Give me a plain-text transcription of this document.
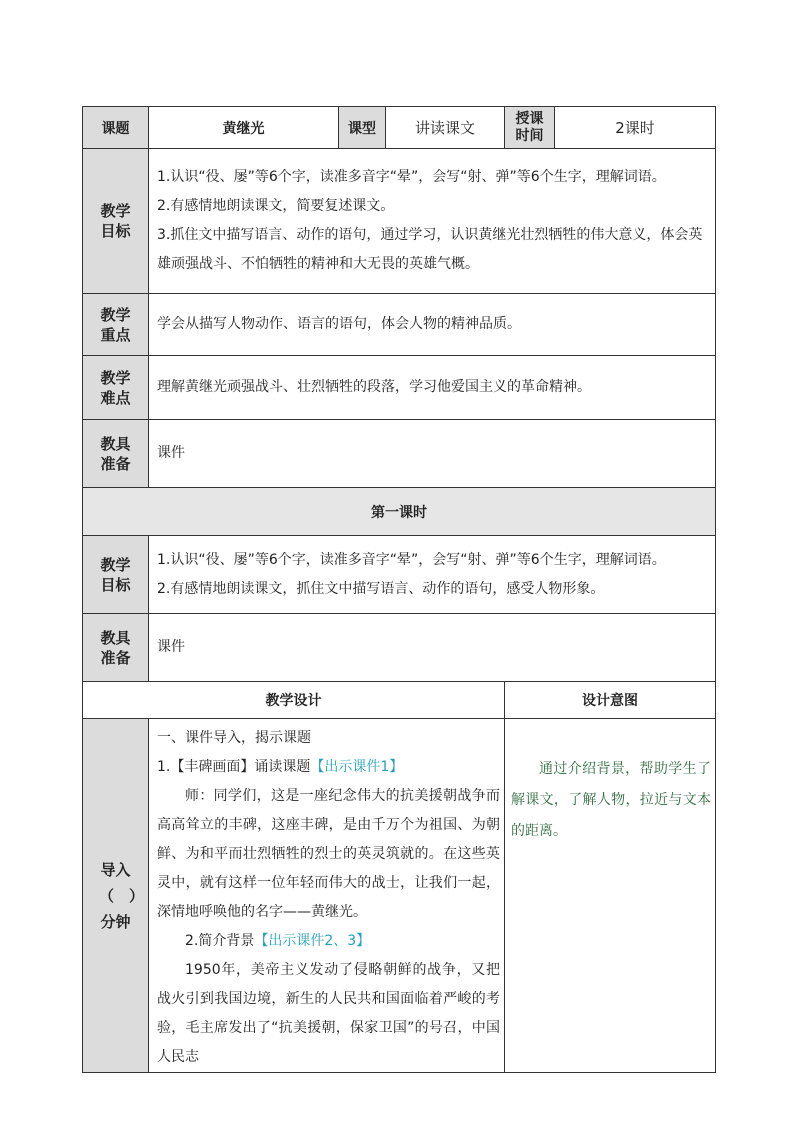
课题	黄继光	课型	讲读课文	授课时间	2课时
教学目标	1.认识“役、屡”等6个字，读准多音字“晕”，会写“射、弹”等6个生字，理解词语。

2.有感情地朗读课文，简要复述课文。

3.抓住文中描写语言、动作的语句，通过学习，认识黄继光壮烈牺牲的伟大意义，体会英雄顽强战斗、不怕牺牲的精神和大无畏的英雄气概。				

教学重点	学会从描写人物动作、语言的语句，体会人物的精神品质。				
教学难点	理解黄继光顽强战斗、壮烈牺牲的段落，学习他爱国主义的革命精神。				
教具准备	课件				
第一课时					
教学目标	1.认识“役、屡”等6个字，读准多音字“晕”，会写“射、弹”等6个生字，理解词语。

2.有感情地朗读课文，抓住文中描写语言、动作的语句，感受人物形象。				

教具准备	课件				
教学设计				设计意图	
导入（　）分钟	一、课件导入，揭示课题

1.【丰碑画面】诵读课题【出示课件1】

师：同学们，这是一座纪念伟大的抗美援朝战争而高高耸立的丰碑，这座丰碑，是由千万个为祖国、为朝鲜、为和平而壮烈牺牲的烈士的英灵筑就的。在这些英灵中，就有这样一位年轻而伟大的战士，让我们一起，深情地呼唤他的名字——黄继光。

2.简介背景【出示课件2、3】

1950年，美帝主义发动了侵略朝鲜的战争，又把战火引到我国边境，新生的人民共和国面临着严峻的考验，毛主席发出了“抗美援朝，保家卫国”的号召，中国人民志			通过介绍背景，帮助学生了解课文，了解人物，拉近与文本的距离。	
